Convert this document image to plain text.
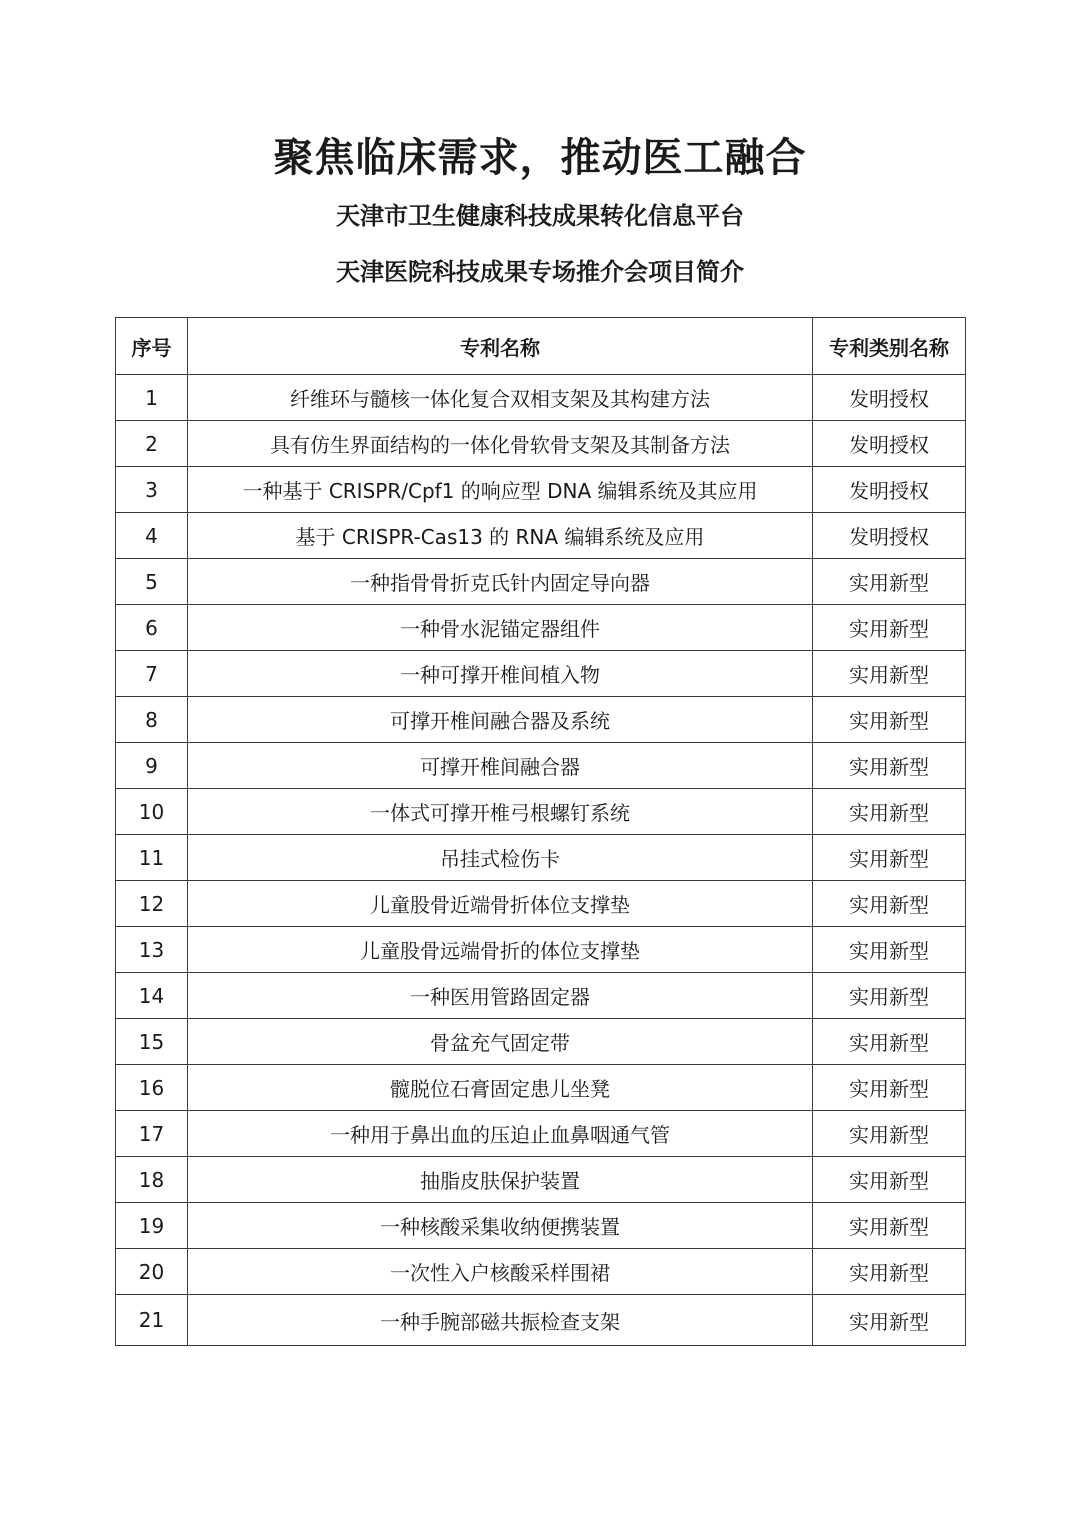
聚焦临床需求，推动医工融合
天津市卫生健康科技成果转化信息平台
天津医院科技成果专场推介会项目简介
序号	专利名称	专利类别名称
1	纤维环与髓核一体化复合双相支架及其构建方法	发明授权
2	具有仿生界面结构的一体化骨软骨支架及其制备方法	发明授权
3	一种基于 CRISPR/Cpf1 的响应型 DNA 编辑系统及其应用	发明授权
4	基于 CRISPR-Cas13 的 RNA 编辑系统及应用	发明授权
5	一种指骨骨折克氏针内固定导向器	实用新型
6	一种骨水泥锚定器组件	实用新型
7	一种可撑开椎间植入物	实用新型
8	可撑开椎间融合器及系统	实用新型
9	可撑开椎间融合器	实用新型
10	一体式可撑开椎弓根螺钉系统	实用新型
11	吊挂式检伤卡	实用新型
12	儿童股骨近端骨折体位支撑垫	实用新型
13	儿童股骨远端骨折的体位支撑垫	实用新型
14	一种医用管路固定器	实用新型
15	骨盆充气固定带	实用新型
16	髋脱位石膏固定患儿坐凳	实用新型
17	一种用于鼻出血的压迫止血鼻咽通气管	实用新型
18	抽脂皮肤保护装置	实用新型
19	一种核酸采集收纳便携装置	实用新型
20	一次性入户核酸采样围裙	实用新型
21	一种手腕部磁共振检查支架	实用新型
